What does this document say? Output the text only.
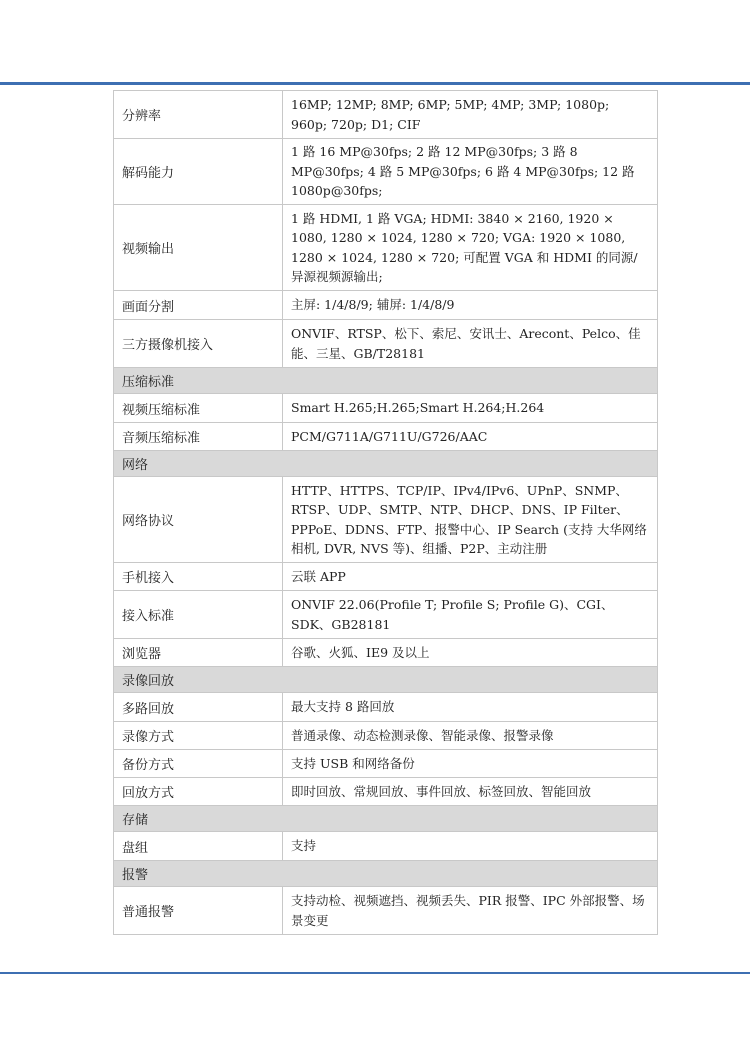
分辨率	16MP; 12MP; 8MP; 6MP; 5MP; 4MP; 3MP; 1080p; 960p; 720p; D1; CIF
解码能力	1 路 16 MP@30fps; 2 路 12 MP@30fps; 3 路 8 MP@30fps; 4 路 5 MP@30fps; 6 路 4 MP@30fps; 12 路 1080p@30fps;
视频输出	1 路 HDMI, 1 路 VGA; HDMI: 3840 × 2160, 1920 × 1080, 1280 × 1024, 1280 × 720; VGA: 1920 × 1080, 1280 × 1024, 1280 × 720; 可配置 VGA 和 HDMI 的同源/异源视频源输出;
画面分割	主屏: 1/4/8/9; 辅屏: 1/4/8/9
三方摄像机接入	ONVIF、RTSP、松下、索尼、安讯士、Arecont、Pelco、佳能、三星、GB/T28181
压缩标准	
视频压缩标准	Smart H.265;H.265;Smart H.264;H.264
音频压缩标准	PCM/G711A/G711U/G726/AAC
网络	
网络协议	HTTP、HTTPS、TCP/IP、IPv4/IPv6、UPnP、SNMP、RTSP、UDP、SMTP、NTP、DHCP、DNS、IP Filter、PPPoE、DDNS、FTP、报警中心、IP Search (支持 大华网络相机, DVR, NVS 等)、组播、P2P、主动注册
手机接入	云联 APP
接入标准	ONVIF 22.06(Profile T; Profile S; Profile G)、CGI、SDK、GB28181
浏览器	谷歌、火狐、IE9 及以上
录像回放	
多路回放	最大支持 8 路回放
录像方式	普通录像、动态检测录像、智能录像、报警录像
备份方式	支持 USB 和网络备份
回放方式	即时回放、常规回放、事件回放、标签回放、智能回放
存储	
盘组	支持
报警	
普通报警	支持动检、视频遮挡、视频丢失、PIR 报警、IPC 外部报警、场景变更
